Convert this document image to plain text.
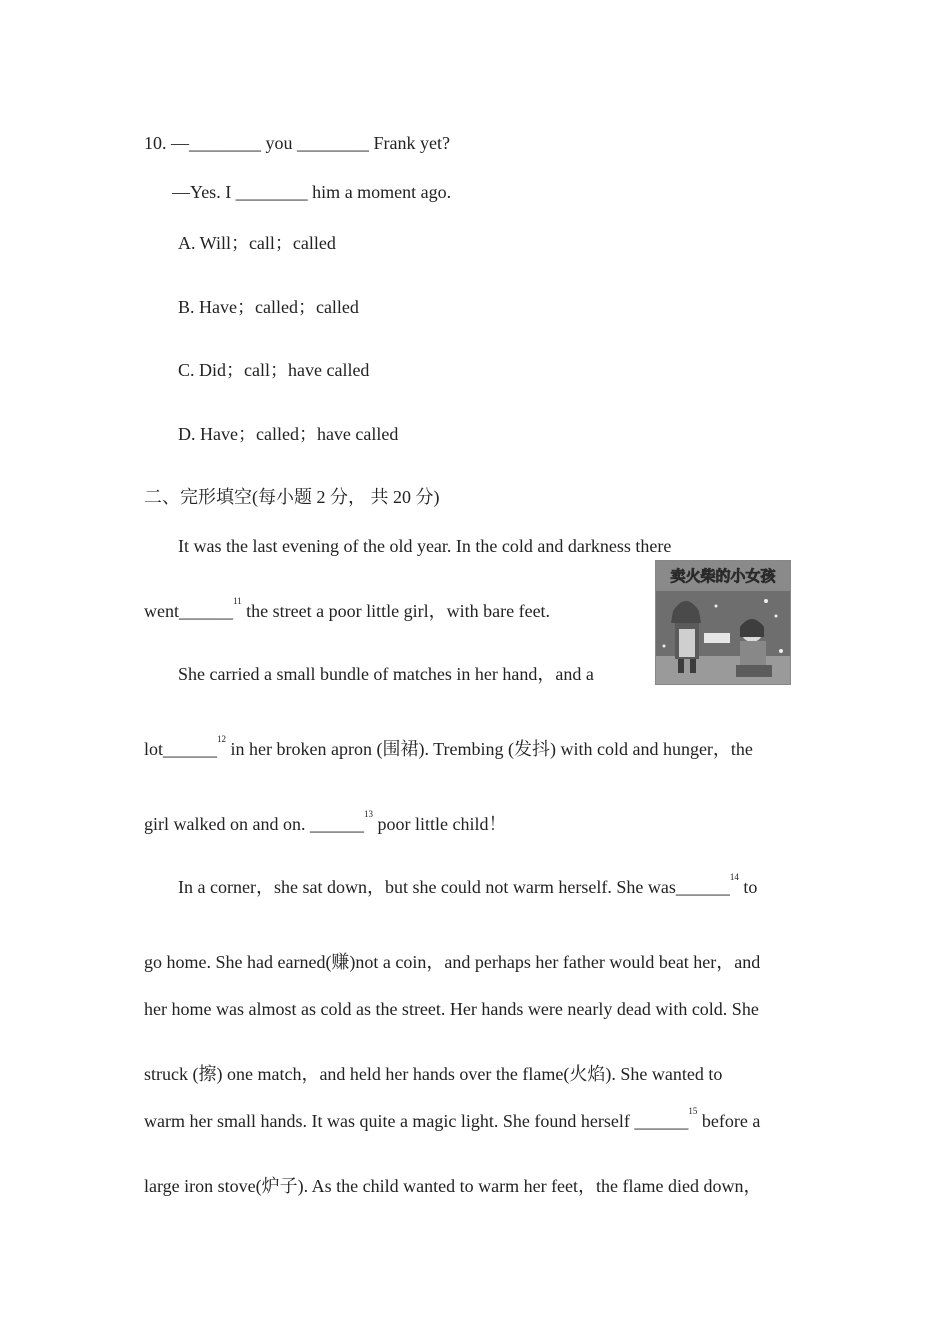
10. —________ you ________ Frank yet?
—Yes. I ________ him a moment ago.
A. Will；call；called
B. Have；called；called
C. Did；call；have called
D. Have；called；have called
二、完形填空(每小题 2 分， 共 20 分)
It was the last evening of the old year. In the cold and darkness there
went______$^{11}$ the street a poor little girl，with bare feet.
She carried a small bundle of matches in her hand，and a
lot______$^{12}$ in her broken apron (围裙). Trembing (发抖) with cold and hunger，the
girl walked on and on. ______$^{13}$ poor little child！
In a corner，she sat down，but she could not warm herself. She was______$^{14}$ to
go home. She had earned(赚)not a coin，and perhaps her father would beat her，and
her home was almost as cold as the street. Her hands were nearly dead with cold. She
struck (擦) one match，and held her hands over the flame(火焰). She wanted to
warm her small hands. It was quite a magic light. She found herself ______$^{15}$ before a
large iron stove(炉子). As the child wanted to warm her feet，the flame died down，
卖火柴的小女孩
